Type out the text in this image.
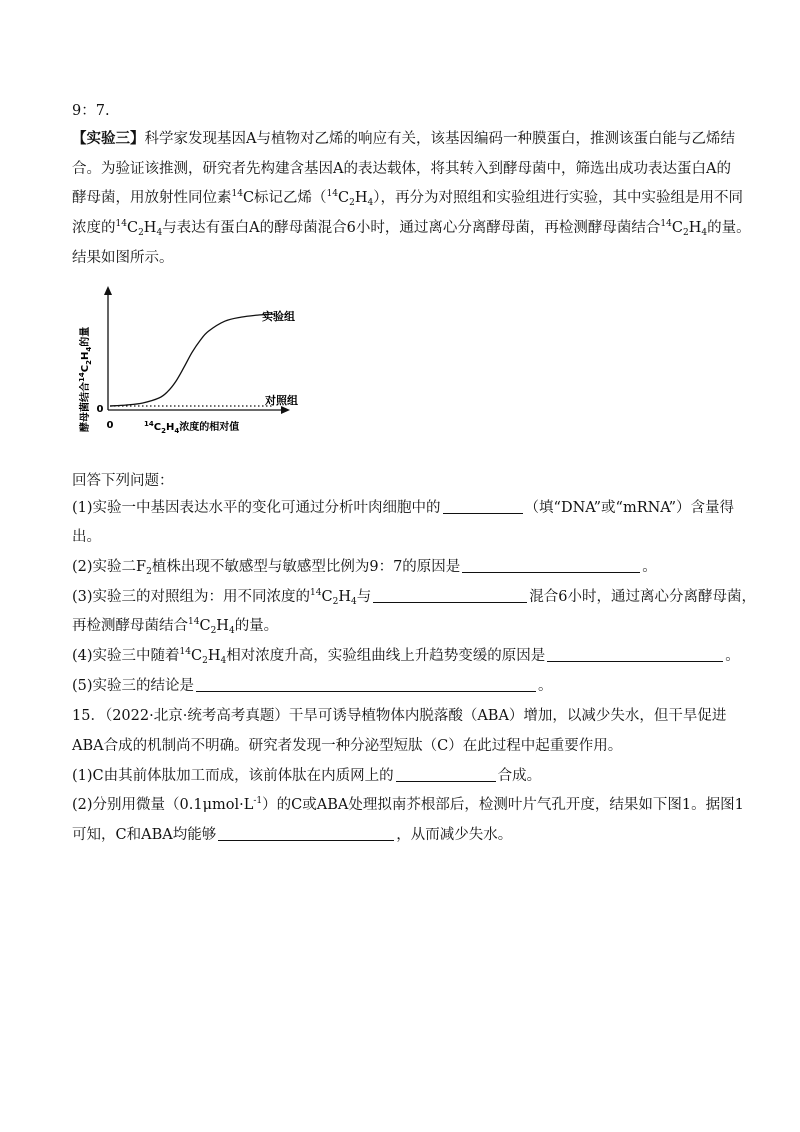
9：7.
【实验三】科学家发现基因A与植物对乙烯的响应有关，该基因编码一种膜蛋白，推测该蛋白能与乙烯结
合。为验证该推测，研究者先构建含基因A的表达载体，将其转入到酵母菌中，筛选出成功表达蛋白A的
酵母菌，用放射性同位素$^{14}$C标记乙烯$(^{14}C_2H_4)$，再分为对照组和实验组进行实验，其中实验组是用不同
浓度的$^{14}C_2H_4$与表达有蛋白A的酵母菌混合6小时，通过离心分离酵母菌，再检测酵母菌结合$^{14}C_2H_4$的量。
结果如图所示。
0
0
酵母菌结合$^{14}C_2H_4$的量
$^{14}C_2H_4$浓度的相对值
实验组
对照组
回答下列问题：
(1)实验一中基因表达水平的变化可通过分析叶肉细胞中的	（填“DNA”或“mRNA”）含量得
出。
(2)实验二$F_2$植株出现不敏感型与敏感型比例为9：7的原因是	。
(3)实验三的对照组为：用不同浓度的$^{14}C_2H_4$与	混合6小时，通过离心分离酵母菌，
再检测酵母菌结合$^{14}C_2H_4$的量。
(4)实验三中随着$^{14}C_2H_4$相对浓度升高，实验组曲线上升趋势变缓的原因是	。
(5)实验三的结论是	。
15．（2022·北京·统考高考真题）干旱可诱导植物体内脱落酸（ABA）增加，以减少失水，但干旱促进
ABA合成的机制尚不明确。研究者发现一种分泌型短肽（C）在此过程中起重要作用。
(1)C由其前体肽加工而成，该前体肽在内质网上的	合成。
(2)分别用微量$(0.1\mu mol\cdot L^{-1})$的C或ABA处理拟南芥根部后，检测叶片气孔开度，结果如下图1。据图1
可知，C和ABA均能够	，从而减少失水。
